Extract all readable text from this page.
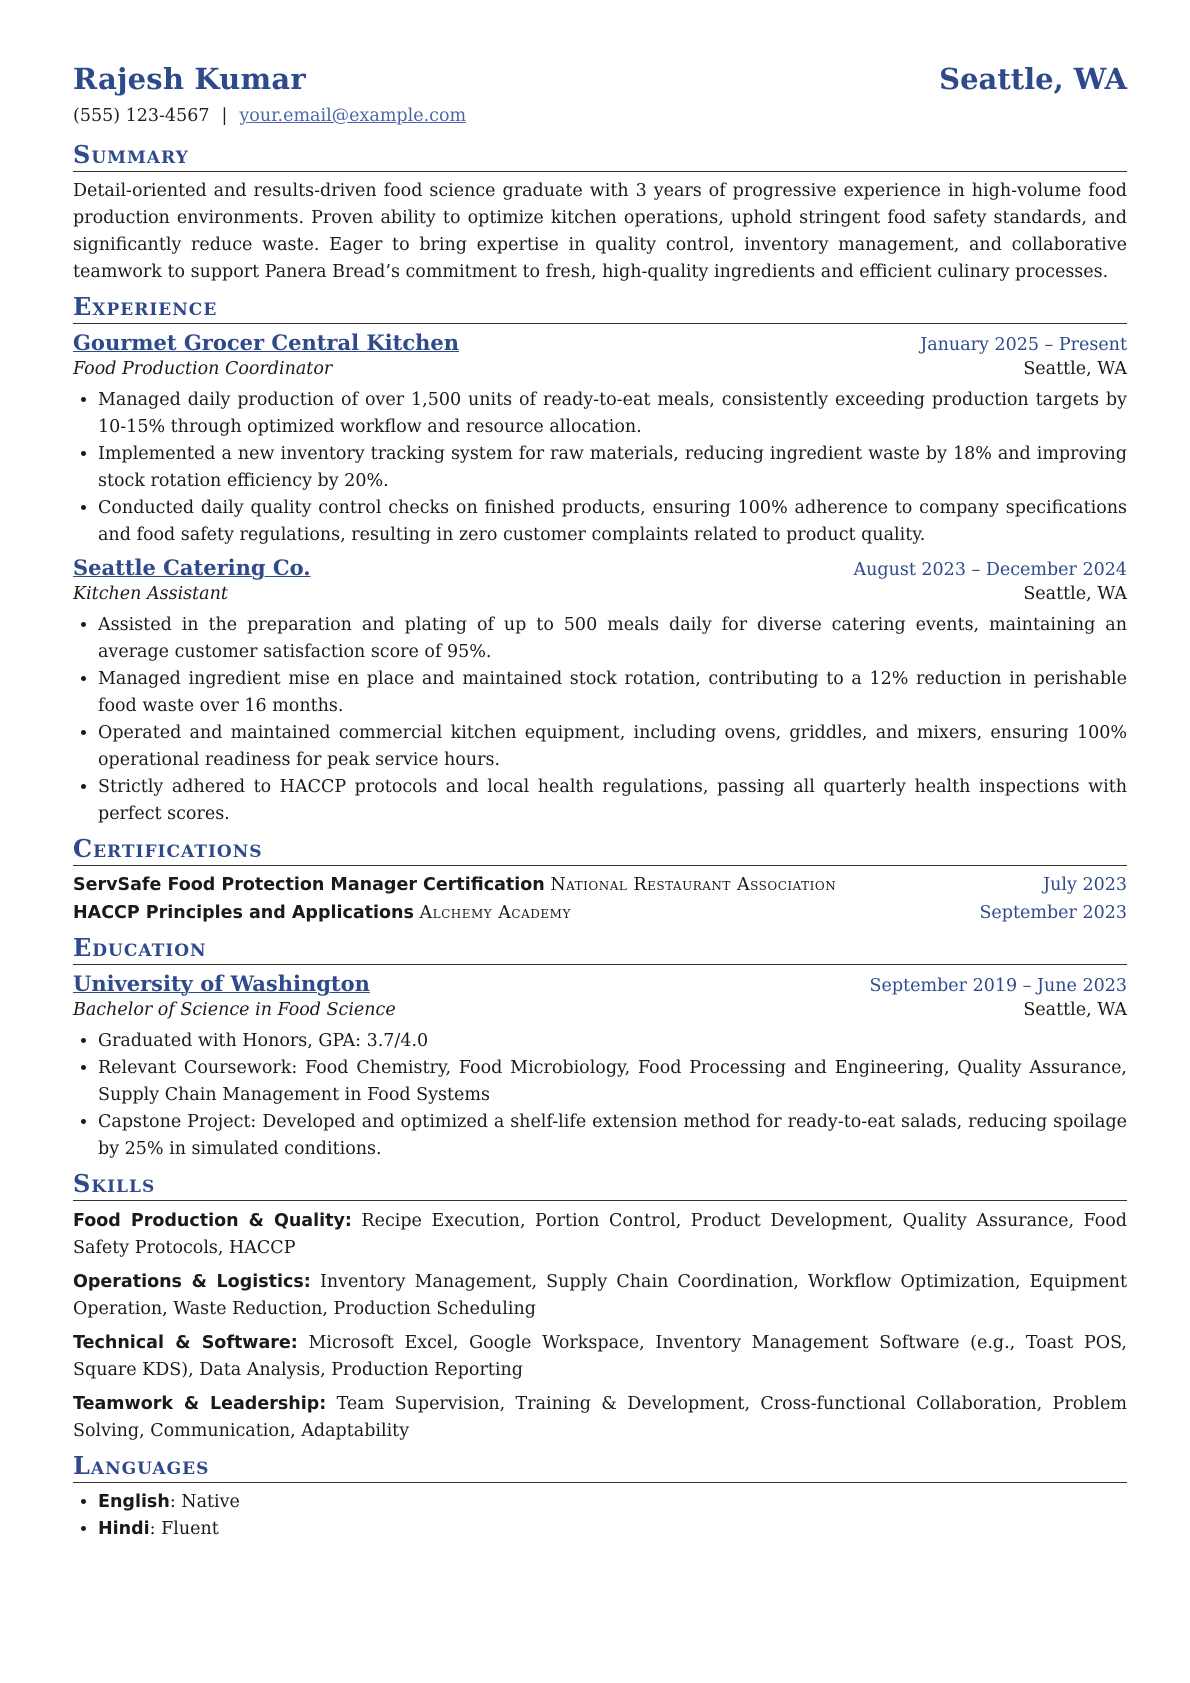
Rajesh Kumar	Seattle, WA
(555) 123-4567 | your.email@example.com
Summary
Detail-oriented and results-driven food science graduate with 3 years of progressive experience in high-volume food production environments. Proven ability to optimize kitchen operations, uphold stringent food safety standards, and significantly reduce waste. Eager to bring expertise in quality control, inventory management, and collaborative teamwork to support Panera Bread’s commitment to fresh, high-quality ingredients and efficient culinary processes.
Experience
Gourmet Grocer Central Kitchen	January 2025 – Present
Food Production Coordinator	Seattle, WA
• Managed daily production of over 1,500 units of ready-to-eat meals, consistently exceeding production targets by 10-15% through optimized workflow and resource allocation.
• Implemented a new inventory tracking system for raw materials, reducing ingredient waste by 18% and improving stock rotation efficiency by 20%.
• Conducted daily quality control checks on finished products, ensuring 100% adherence to company specifications and food safety regulations, resulting in zero customer complaints related to product quality.
Seattle Catering Co.	August 2023 – December 2024
Kitchen Assistant	Seattle, WA
• Assisted in the preparation and plating of up to 500 meals daily for diverse catering events, maintaining an average customer satisfaction score of 95%.
• Managed ingredient mise en place and maintained stock rotation, contributing to a 12% reduction in perishable food waste over 16 months.
• Operated and maintained commercial kitchen equipment, including ovens, griddles, and mixers, ensuring 100% operational readiness for peak service hours.
• Strictly adhered to HACCP protocols and local health regulations, passing all quarterly health inspections with perfect scores.
Certifications
ServSafe Food Protection Manager Certification National Restaurant Association	July 2023
HACCP Principles and Applications Alchemy Academy	September 2023
Education
University of Washington	September 2019 – June 2023
Bachelor of Science in Food Science	Seattle, WA
• Graduated with Honors, GPA: 3.7/4.0
• Relevant Coursework: Food Chemistry, Food Microbiology, Food Processing and Engineering, Quality Assurance, Supply Chain Management in Food Systems
• Capstone Project: Developed and optimized a shelf-life extension method for ready-to-eat salads, reducing spoilage by 25% in simulated conditions.
Skills
Food Production & Quality: Recipe Execution, Portion Control, Product Development, Quality Assurance, Food Safety Protocols, HACCP
Operations & Logistics: Inventory Management, Supply Chain Coordination, Workflow Optimization, Equipment Operation, Waste Reduction, Production Scheduling
Technical & Software: Microsoft Excel, Google Workspace, Inventory Management Software (e.g., Toast POS, Square KDS), Data Analysis, Production Reporting
Teamwork & Leadership: Team Supervision, Training & Development, Cross-functional Collaboration, Problem Solving, Communication, Adaptability
Languages
• English: Native
• Hindi: Fluent
